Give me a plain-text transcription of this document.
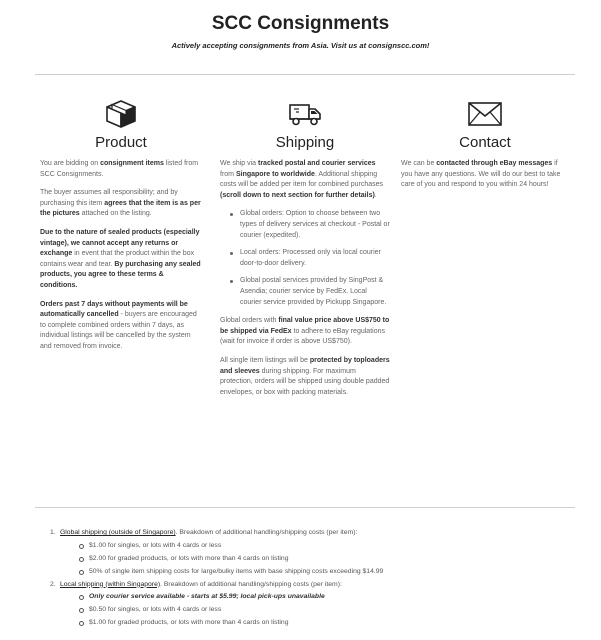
SCC Consignments
Actively accepting consignments from Asia. Visit us at consignscc.com!
Product

You are bidding on consignment items listed from SCC Consignments.

The buyer assumes all responsibility; and by purchasing this item agrees that the item is as per the pictures attached on the listing.

Due to the nature of sealed products (especially vintage), we cannot accept any returns or exchange in event that the product within the box contains wear and tear. By purchasing any sealed products, you agree to these terms & conditions.

Orders past 7 days without payments will be automatically cancelled - buyers are encouraged to complete combined orders within 7 days, as individual listings will be cancelled by the system and removed from invoice.

Shipping

We ship via tracked postal and courier services from Singapore to worldwide. Additional shipping costs will be added per item for combined purchases (scroll down to next section for further details).

Global orders: Option to choose between two types of delivery services at checkout - Postal or courier (expedited).
Local orders: Processed only via local courier door-to-door delivery.
Global postal services provided by SingPost & Asendia; courier service by FedEx. Local courier service provided by Pickupp Singapore.

Global orders with final value price above US$750 to be shipped via FedEx to adhere to eBay regulations (wait for invoice if order is above US$750).

All single item listings will be protected by toploaders and sleeves during shipping. For maximum protection, orders will be shipped using double padded envelopes, or box with packing materials.

Contact

We can be contacted through eBay messages if you have any questions. We will do our best to take care of you and respond to you within 24 hours!

1. Global shipping (outside of Singapore). Breakdown of additional handling/shipping costs (per item):
$1.00 for singles, or lots with 4 cards or less
$2.00 for graded products, or lots with more than 4 cards on listing
50% of single item shipping costs for large/bulky items with base shipping costs exceeding $14.99
2. Local shipping (within Singapore). Breakdown of additional handling/shipping costs (per item):
Only courier service available - starts at $5.99; local pick-ups unavailable
$0.50 for singles, or lots with 4 cards or less
$1.00 for graded products, or lots with more than 4 cards on listing
